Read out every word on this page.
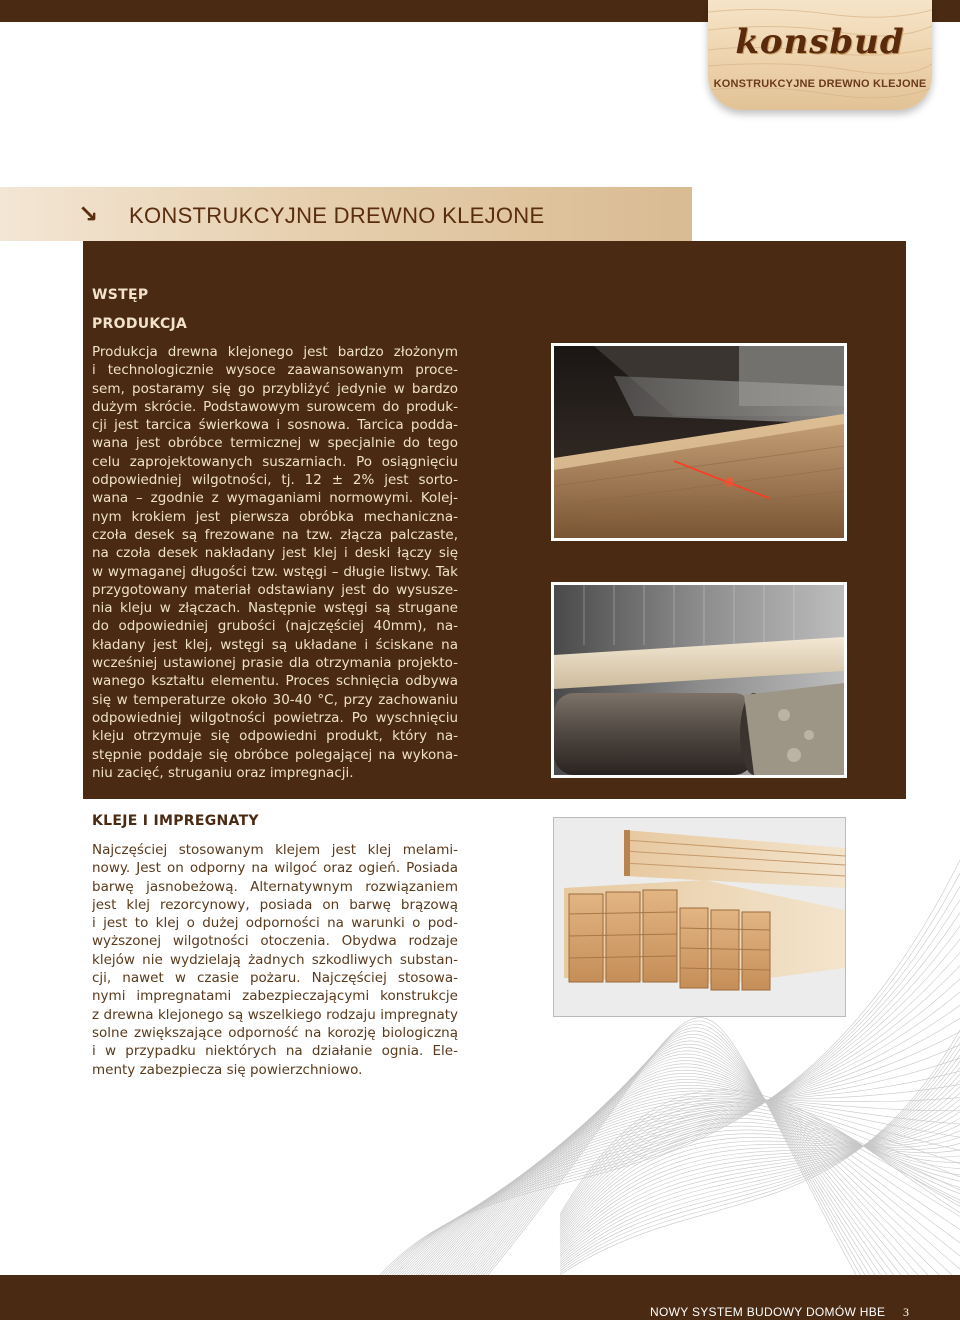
konsbud
KONSTRUKCYJNE DREWNO KLEJONE
↘ KONSTRUKCYJNE DREWNO KLEJONE
WSTĘP
PRODUKCJA
Produkcja drewna klejonego jest bardzo złożonym
i technologicznie wysoce zaawansowanym proce-
sem, postaramy się go przybliżyć jedynie w bardzo
dużym skrócie. Podstawowym surowcem do produk-
cji jest tarcica świerkowa i sosnowa. Tarcica podda-
wana jest obróbce termicznej w specjalnie do tego
celu zaprojektowanych suszarniach. Po osiągnięciu
odpowiedniej wilgotności, tj. 12 ± 2% jest sorto-
wana – zgodnie z wymaganiami normowymi. Kolej-
nym krokiem jest pierwsza obróbka mechaniczna-
czoła desek są frezowane na tzw. złącza palczaste,
na czoła desek nakładany jest klej i deski łączy się
w wymaganej długości tzw. wstęgi – długie listwy. Tak
przygotowany materiał odstawiany jest do wysusze-
nia kleju w złączach. Następnie wstęgi są strugane
do odpowiedniej grubości (najczęściej 40mm), na-
kładany jest klej, wstęgi są układane i ściskane na
wcześniej ustawionej prasie dla otrzymania projekto-
wanego kształtu elementu. Proces schnięcia odbywa
się w temperaturze około 30-40 °C, przy zachowaniu
odpowiedniej wilgotności powietrza. Po wyschnięciu
kleju otrzymuje się odpowiedni produkt, który na-
stępnie poddaje się obróbce polegającej na wykona-
niu zacięć, struganiu oraz impregnacji.
KLEJE I IMPREGNATY
Najczęściej stosowanym klejem jest klej melami-
nowy. Jest on odporny na wilgoć oraz ogień. Posiada
barwę jasnobeżową. Alternatywnym rozwiązaniem
jest klej rezorcynowy, posiada on barwę brązową
i jest to klej o dużej odporności na warunki o pod-
wyższonej wilgotności otoczenia. Obydwa rodzaje
klejów nie wydzielają żadnych szkodliwych substan-
cji, nawet w czasie pożaru. Najczęściej stosowa-
nymi impregnatami zabezpieczającymi konstrukcje
z drewna klejonego są wszelkiego rodzaju impregnaty
solne zwiększające odporność na korozję biologiczną
i w przypadku niektórych na działanie ognia. Ele-
menty zabezpiecza się powierzchniowo.
NOWY SYSTEM BUDOWY DOMÓW HBE 3
